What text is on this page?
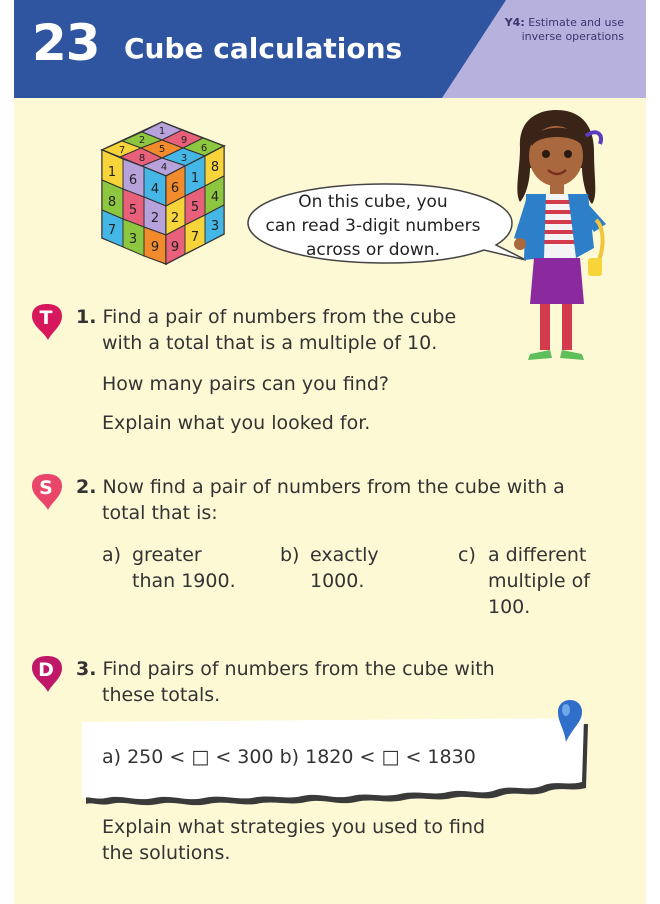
23 Cube calculations
Y4: Estimate and use inverse operations
1
9
2
5	6
7
8	3
4
1
6
4
8
5
2
7
3
9
6
1
8
2
5
4
9
7
3
On this cube, you
can read 3-digit numbers
across or down.
T 1. Find a pair of numbers from the cube
with a total that is a multiple of 10.
How many pairs can you find?
Explain what you looked for.
S 2. Now find a pair of numbers from the cube with a
total that is:
a) greater
than 1900.
b) exactly
1000.
c) a different
multiple of
100.
D 3. Find pairs of numbers from the cube with
these totals.
a) 250 < □ < 300 b) 1820 < □ < 1830
Explain what strategies you used to find
the solutions.
